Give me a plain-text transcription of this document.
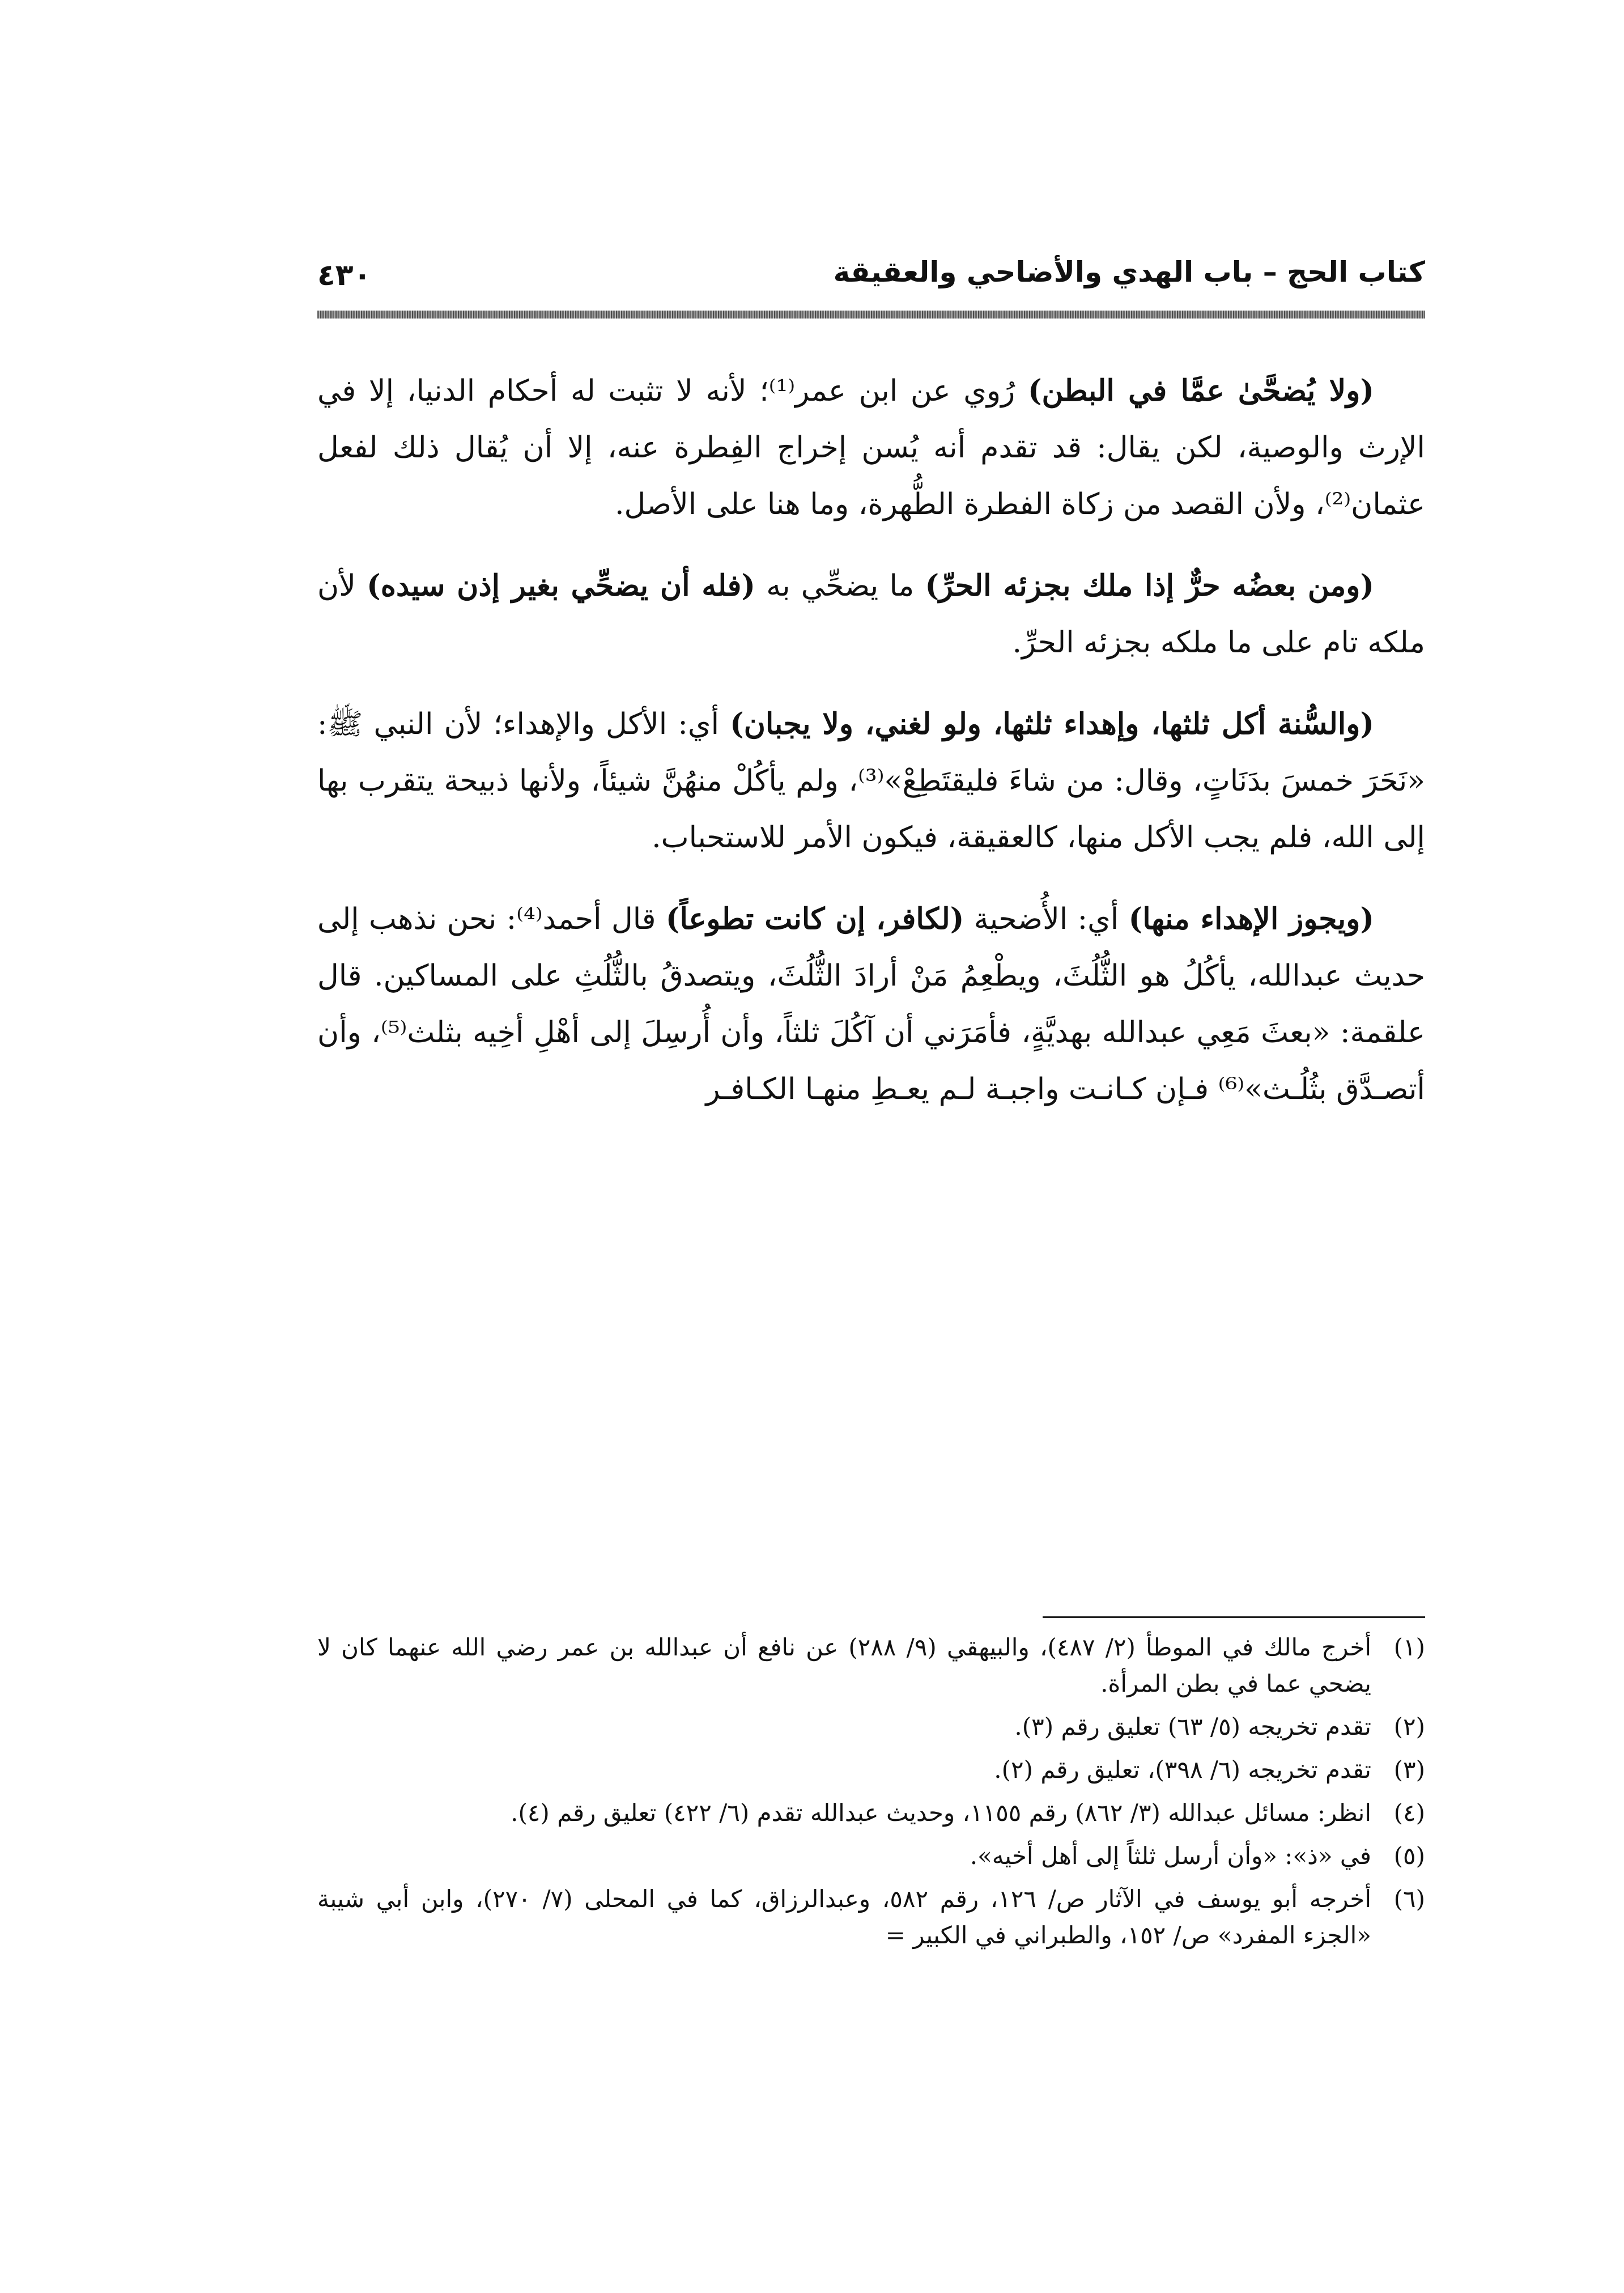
كتاب الحج – باب الهدي والأضاحي والعقيقة
٤٣٠

(ولا يُضحَّىٰ عمَّا في البطن) رُوي عن ابن عمر⁽¹⁾؛ لأنه لا تثبت له أحكام الدنيا، إلا في الإرث والوصية، لكن يقال: قد تقدم أنه يُسن إخراج الفِطرة عنه، إلا أن يُقال ذلك لفعل عثمان⁽²⁾، ولأن القصد من زكاة الفطرة الطُّهرة، وما هنا على الأصل.

(ومن بعضُه حرٌّ إذا ملك بجزئه الحرِّ) ما يضحِّي به (فله أن يضحِّي بغير إذن سيده) لأن ملكه تام على ما ملكه بجزئه الحرِّ.

(والسُّنة أكل ثلثها، وإهداء ثلثها، ولو لغني، ولا يجبان) أي: الأكل والإهداء؛ لأن النبي ﷺ: «نَحَرَ خمسَ بدَنَاتٍ، وقال: من شاءَ فليقتَطِعْ»⁽³⁾، ولم يأكُلْ منهُنَّ شيئاً، ولأنها ذبيحة يتقرب بها إلى الله، فلم يجب الأكل منها، كالعقيقة، فيكون الأمر للاستحباب.

(ويجوز الإهداء منها) أي: الأُضحية (لكافر، إن كانت تطوعاً) قال أحمد⁽⁴⁾: نحن نذهب إلى حديث عبدالله، يأكُلُ هو الثُّلُثَ، ويطْعِمُ مَنْ أرادَ الثُّلُثَ، ويتصدقُ بالثُّلُثِ على المساكين. قال علقمة: «بعثَ مَعِي عبدالله بهديَّةٍ، فأمَرَني أن آكُلَ ثلثاً، وأن أُرسِلَ إلى أهْلِ أخِيه بثلث⁽⁵⁾، وأن أتصـدَّق بثُلُـث»⁽⁶⁾ فـإن كـانـت واجبـة لـم يعـطِ منهـا الكـافـر

(١)أخرج مالك في الموطأ (٢/ ٤٨٧)، والبيهقي (٩/ ٢٨٨) عن نافع أن عبدالله بن عمر رضي الله عنهما كان لا يضحي عما في بطن المرأة.
(٢)تقدم تخريجه (٥/ ٦٣) تعليق رقم (٣).
(٣)تقدم تخريجه (٦/ ٣٩٨)، تعليق رقم (٢).
(٤)انظر: مسائل عبدالله (٣/ ٨٦٢) رقم ١١٥٥، وحديث عبدالله تقدم (٦/ ٤٢٢) تعليق رقم (٤).
(٥)في «ذ»: «وأن أرسل ثلثاً إلى أهل أخيه».
(٦)أخرجه أبو يوسف في الآثار ص/ ١٢٦، رقم ٥٨٢، وعبدالرزاق، كما في المحلى (٧/ ٢٧٠)، وابن أبي شيبة «الجزء المفرد» ص/ ١٥٢، والطبراني في الكبير =
